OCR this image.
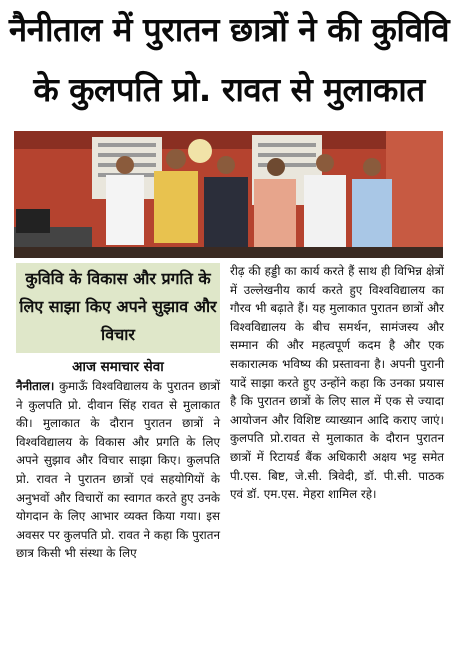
नैनीताल में पुरातन छात्रों ने की कुविवि
के कुलपति प्रो. रावत से मुलाकात
कुविवि के विकास और प्रगति के लिए साझा किए अपने सुझाव और विचार
आज समाचार सेवा

नैनीताल। कुमाऊँ विश्वविद्यालय के पुरातन छात्रों ने कुलपति प्रो. दीवान सिंह रावत से मुलाकात की। मुलाकात के दौरान पुरातन छात्रों ने विश्वविद्यालय के विकास और प्रगति के लिए अपने सुझाव और विचार साझा किए। कुलपति प्रो. रावत ने पुरातन छात्रों एवं सहयोगियों के अनुभवों और विचारों का स्वागत करते हुए उनके योगदान के लिए आभार व्यक्त किया गया। इस अवसर पर कुलपति प्रो. रावत ने कहा कि पुरातन छात्र किसी भी संस्था के लिए

रीढ़ की हड्डी का कार्य करते हैं साथ ही विभिन्न क्षेत्रों में उल्लेखनीय कार्य करते हुए विश्वविद्यालय का गौरव भी बढ़ाते हैं। यह मुलाकात पुरातन छात्रों और विश्वविद्यालय के बीच समर्थन, सामंजस्य और सम्मान की और महत्वपूर्ण कदम है और एक सकारात्मक भविष्य की प्रस्तावना है। अपनी पुरानी यादें साझा करते हुए उन्होंने कहा कि उनका प्रयास है कि पुरातन छात्रों के लिए साल में एक से ज्यादा आयोजन और विशिष्ट व्याख्यान आदि कराए जाएं। कुलपति प्रो.रावत से मुलाकात के दौरान पुरातन छात्रों में रिटायर्ड बैंक अधिकारी अक्षय भट्ट समेत पी.एस. बिष्ट, जे.सी. त्रिवेदी, डॉ. पी.सी. पाठक एवं डॉ. एम.एस. मेहरा शामिल रहे।
